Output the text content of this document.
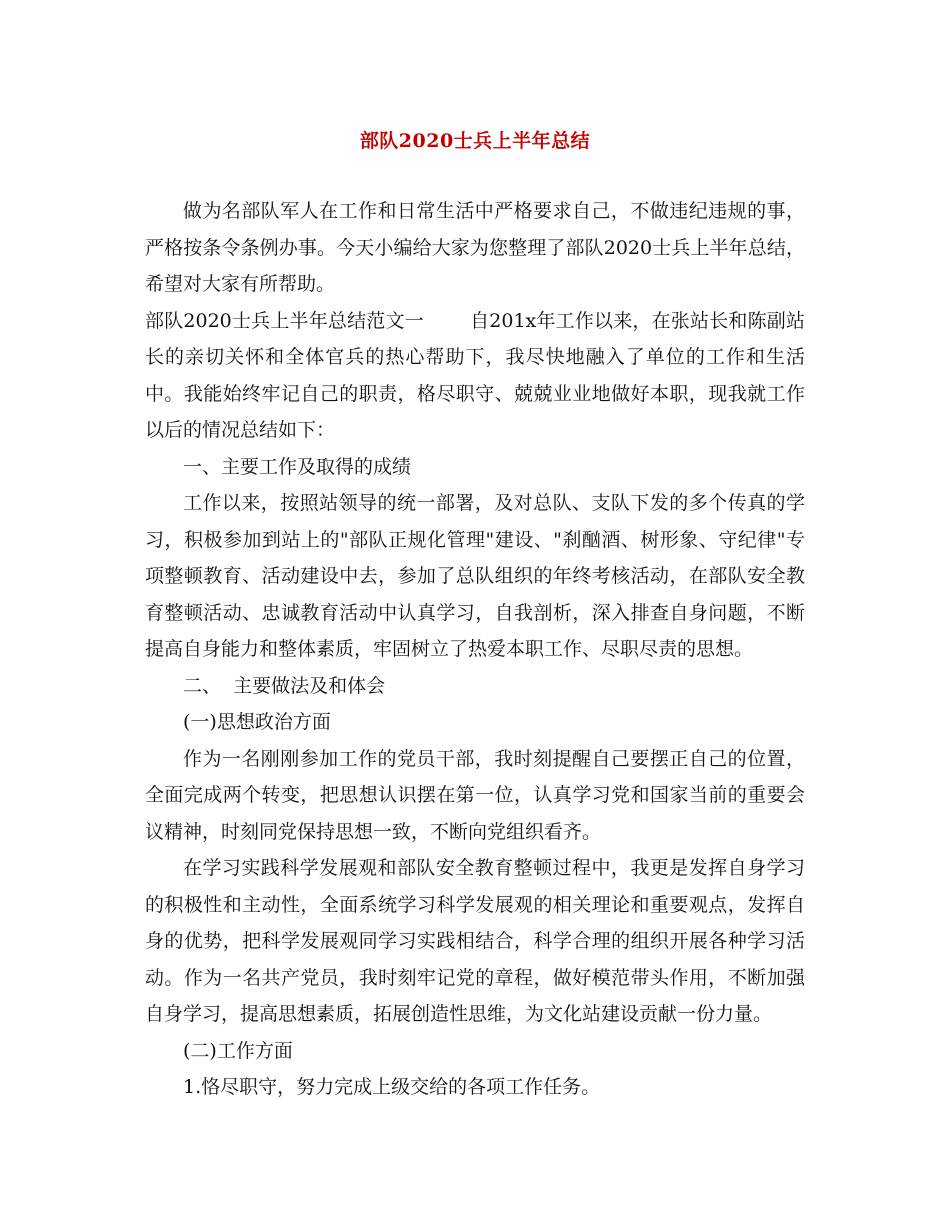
部队2020士兵上半年总结

做为名部队军人在工作和日常生活中严格要求自己，不做违纪违规的事，严格按条令条例办事。今天小编给大家为您整理了部队2020士兵上半年总结，希望对大家有所帮助。

部队2020士兵上半年总结范文一 自201x年工作以来，在张站长和陈副站长的亲切关怀和全体官兵的热心帮助下，我尽快地融入了单位的工作和生活中。我能始终牢记自己的职责，格尽职守、兢兢业业地做好本职，现我就工作以后的情况总结如下：

一、主要工作及取得的成绩

工作以来，按照站领导的统一部署，及对总队、支队下发的多个传真的学习，积极参加到站上的"部队正规化管理"建设、"刹酗酒、树形象、守纪律"专项整顿教育、活动建设中去，参加了总队组织的年终考核活动，在部队安全教育整顿活动、忠诚教育活动中认真学习，自我剖析，深入排查自身问题，不断提高自身能力和整体素质，牢固树立了热爱本职工作、尽职尽责的思想。

二、  主要做法及和体会

(一)思想政治方面

作为一名刚刚参加工作的党员干部，我时刻提醒自己要摆正自己的位置，全面完成两个转变，把思想认识摆在第一位，认真学习党和国家当前的重要会议精神，时刻同党保持思想一致，不断向党组织看齐。

在学习实践科学发展观和部队安全教育整顿过程中，我更是发挥自身学习的积极性和主动性，全面系统学习科学发展观的相关理论和重要观点，发挥自身的优势，把科学发展观同学习实践相结合，科学合理的组织开展各种学习活动。作为一名共产党员，我时刻牢记党的章程，做好模范带头作用，不断加强自身学习，提高思想素质，拓展创造性思维，为文化站建设贡献一份力量。

(二)工作方面

1.恪尽职守，努力完成上级交给的各项工作任务。
